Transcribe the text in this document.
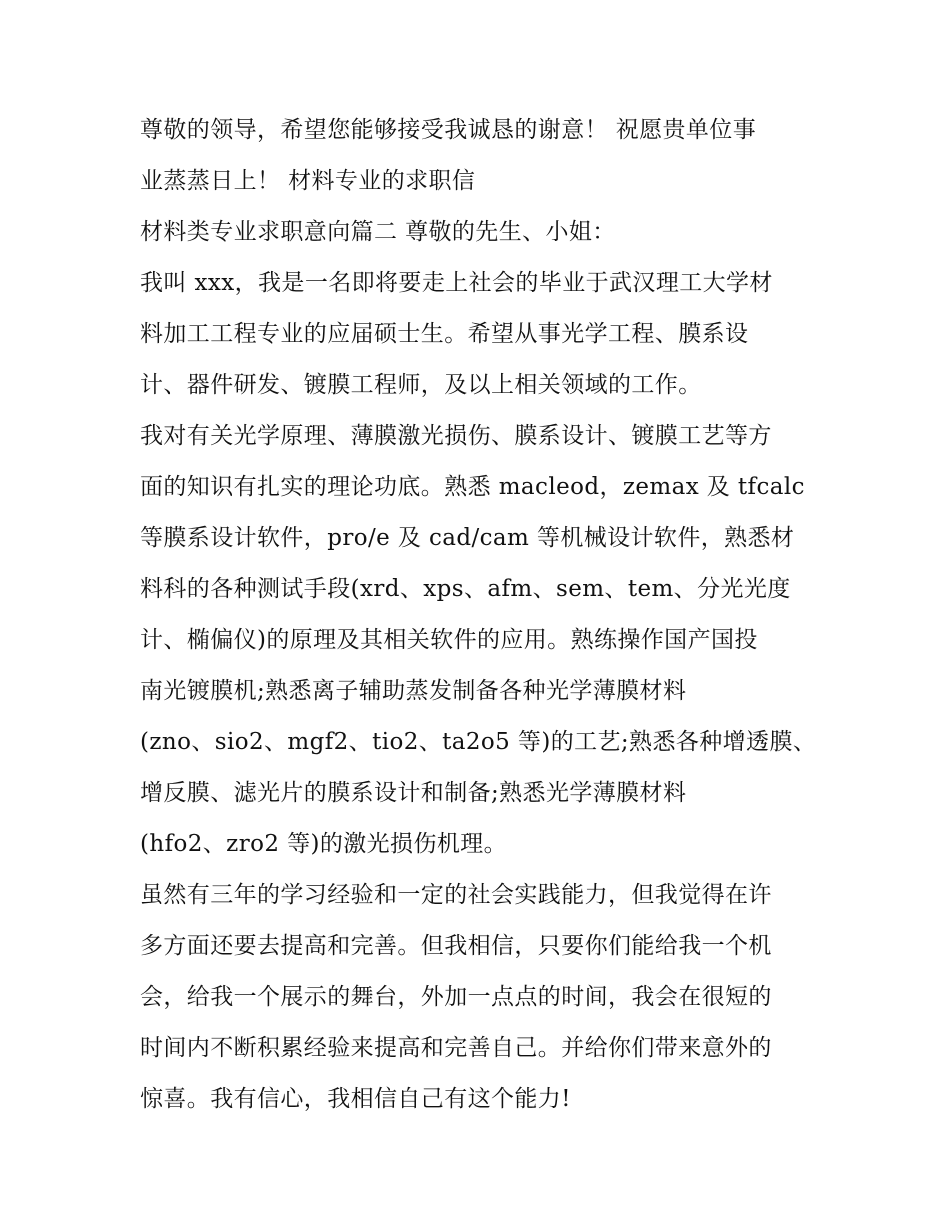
尊敬的领导，希望您能够接受我诚恳的谢意！ 祝愿贵单位事
业蒸蒸日上！ 材料专业的求职信
材料类专业求职意向篇二 尊敬的先生、小姐：
我叫 xxx，我是一名即将要走上社会的毕业于武汉理工大学材
料加工工程专业的应届硕士生。希望从事光学工程、膜系设
计、器件研发、镀膜工程师，及以上相关领域的工作。
我对有关光学原理、薄膜激光损伤、膜系设计、镀膜工艺等方
面的知识有扎实的理论功底。熟悉 macleod，zemax 及 tfcalc
等膜系设计软件，pro/e 及 cad/cam 等机械设计软件，熟悉材
料科的各种测试手段(xrd、xps、afm、sem、tem、分光光度
计、椭偏仪)的原理及其相关软件的应用。熟练操作国产国投
南光镀膜机;熟悉离子辅助蒸发制备各种光学薄膜材料
(zno、sio2、mgf2、tio2、ta2o5 等)的工艺;熟悉各种增透膜、
增反膜、滤光片的膜系设计和制备;熟悉光学薄膜材料
(hfo2、zro2 等)的激光损伤机理。
虽然有三年的学习经验和一定的社会实践能力，但我觉得在许
多方面还要去提高和完善。但我相信，只要你们能给我一个机
会，给我一个展示的舞台，外加一点点的时间，我会在很短的
时间内不断积累经验来提高和完善自己。并给你们带来意外的
惊喜。我有信心，我相信自己有这个能力!
